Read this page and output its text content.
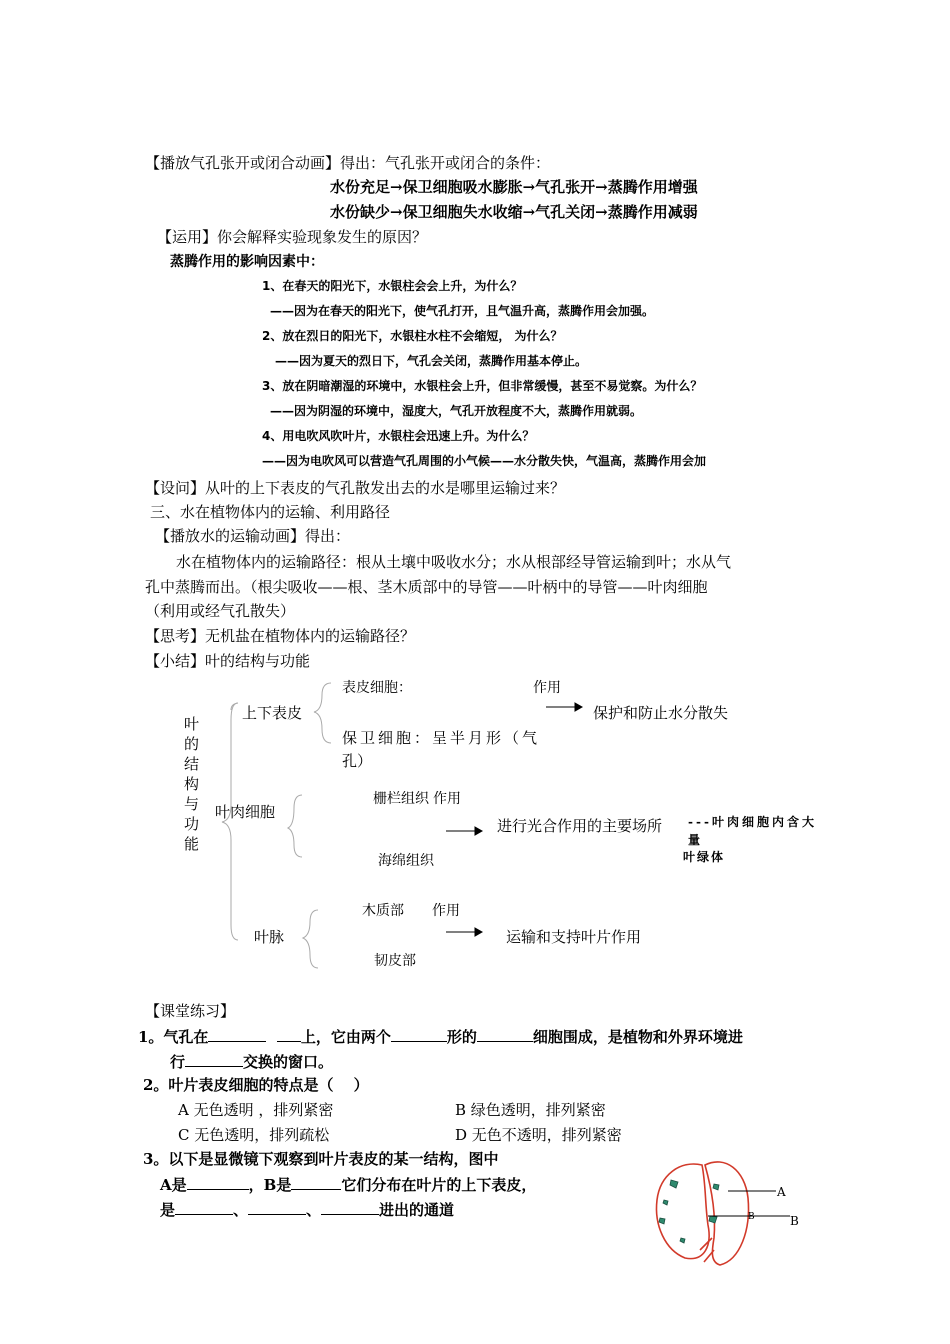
【播放气孔张开或闭合动画】得出：气孔张开或闭合的条件：
水份充足→保卫细胞吸水膨胀→气孔张开→蒸腾作用增强
水份缺少→保卫细胞失水收缩→气孔关闭→蒸腾作用减弱
【运用】你会解释实验现象发生的原因？
蒸腾作用的影响因素中：
1、在春天的阳光下，水银柱会会上升，为什么？
——因为在春天的阳光下，使气孔打开，且气温升高，蒸腾作用会加强。
2、放在烈日的阳光下，水银柱水柱不会缩短， 为什么？
——因为夏天的烈日下，气孔会关闭，蒸腾作用基本停止。
3、放在阴暗潮湿的环境中，水银柱会上升，但非常缓慢，甚至不易觉察。为什么？
——因为阴湿的环境中，湿度大，气孔开放程度不大，蒸腾作用就弱。
4、用电吹风吹叶片，水银柱会迅速上升。为什么？
——因为电吹风可以营造气孔周围的小气候——水分散失快，气温高，蒸腾作用会加
【设问】从叶的上下表皮的气孔散发出去的水是哪里运输过来？
三、水在植物体内的运输、利用路径
【播放水的运输动画】得出：
水在植物体内的运输路径：根从土壤中吸收水分；水从根部经导管运输到叶；水从气
孔中蒸腾而出。（根尖吸收——根、茎木质部中的导管——叶柄中的导管——叶肉细胞
（利用或经气孔散失）
【思考】无机盐在植物体内的运输路径？
【小结】叶的结构与功能
叶的结构与功能
上下表皮
表皮细胞：	作用
保卫细胞：呈半月形（气
孔）
保护和防止水分散失
叶肉细胞
栅栏组织 作用
海绵组织
进行光合作用的主要场所 ---叶肉细胞内含大
量
叶绿体
叶脉
木质部 作用
韧皮部
运输和支持叶片作用
【课堂练习】
1。气孔在	上，它由两个	形的	细胞围成，是植物和外界环境进
行	交换的窗口。
2。叶片表皮细胞的特点是（　 ）
A 无色透明 ，排列紧密	B 绿色透明，排列紧密
C 无色透明，排列疏松	D 无色不透明，排列紧密
3。以下是显微镜下观察到叶片表皮的某一结构，图中
A是	，B是	它们分布在叶片的上下表皮，
是	、	、	进出的通道
A
B	B
